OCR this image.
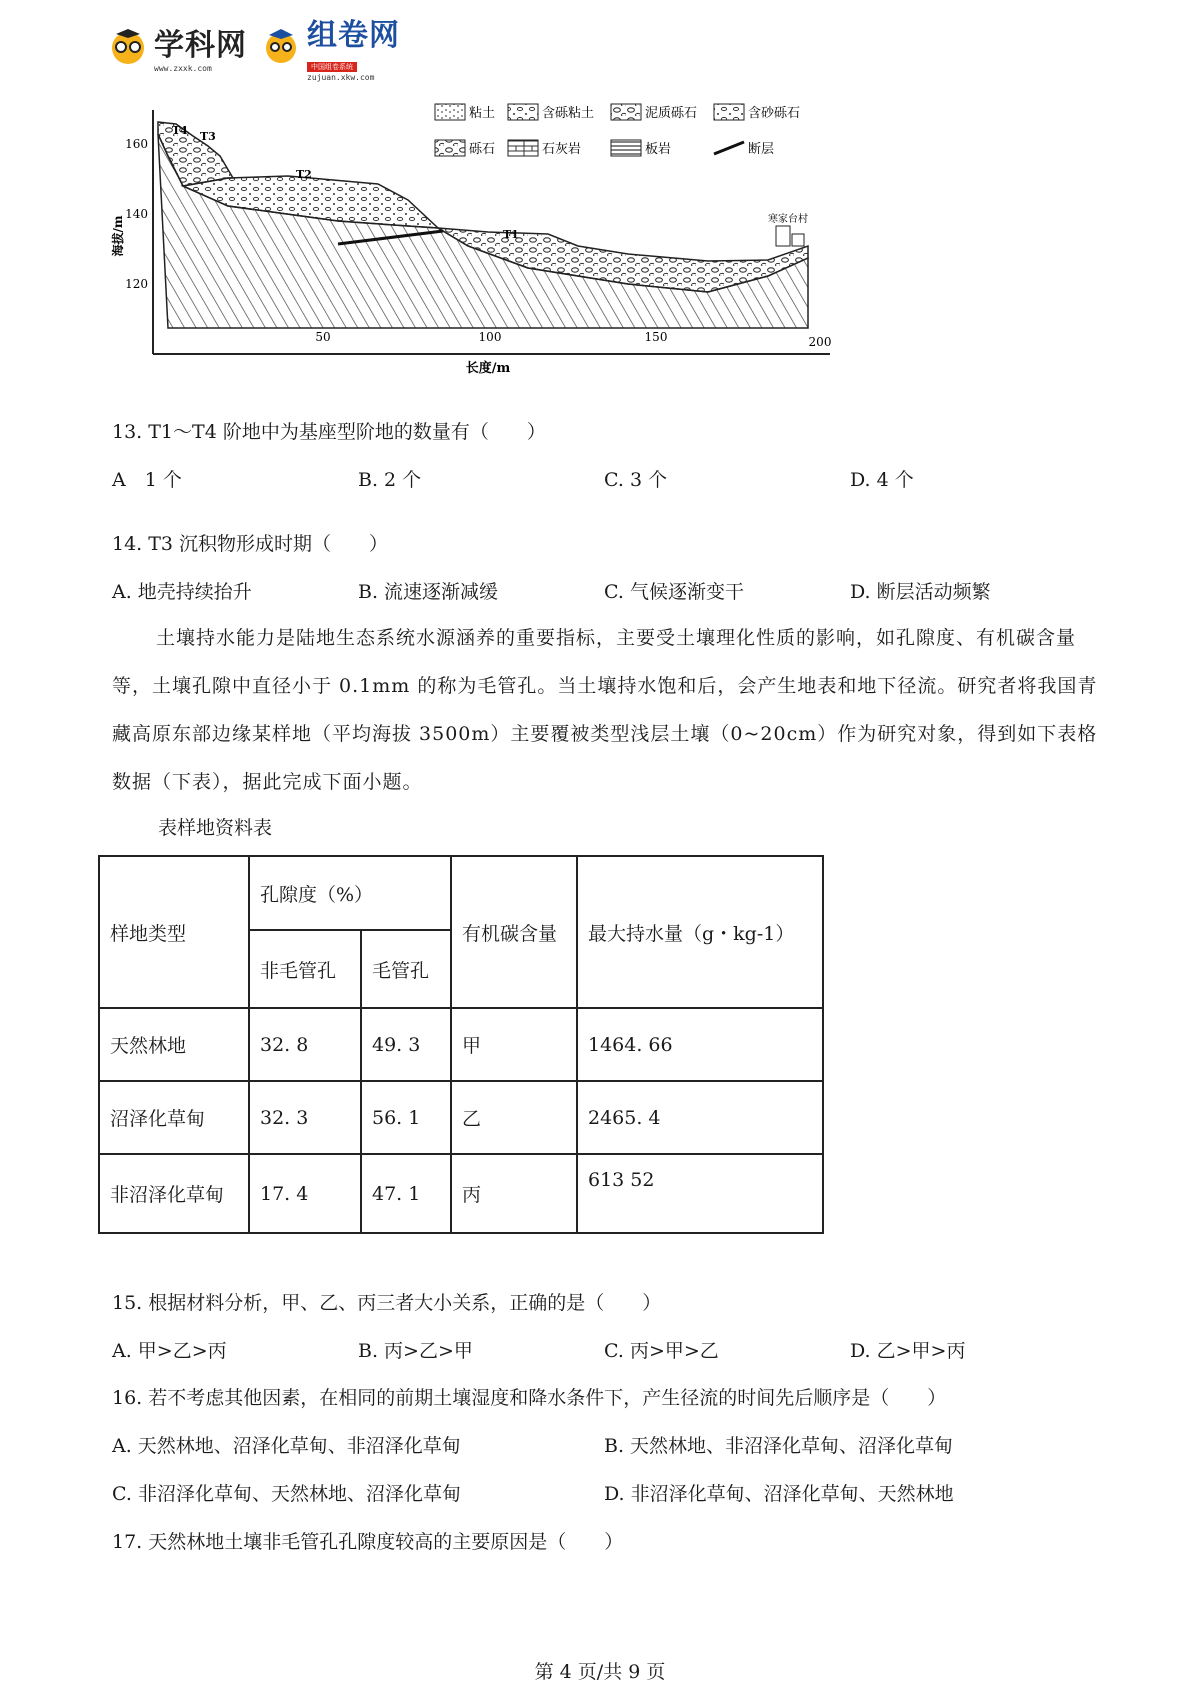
学科网
www.zxxk.com
组卷网
中国组卷系统
zujuan.xkw.com
海拔/m
160
140
120
50	100	150	200
长度/m
T4 T3
T2
T1
寒家台村
粘土	含砾粘土	泥质砾石	含砂砾石
砾石	石灰岩	板岩	断层
13. T1～T4 阶地中为基座型阶地的数量有（　　）
A　1 个	B. 2 个	C. 3 个	D. 4 个
14. T3 沉积物形成时期（　　）
A. 地壳持续抬升	B. 流速逐渐减缓	C. 气候逐渐变干	D. 断层活动频繁
土壤持水能力是陆地生态系统水源涵养的重要指标，主要受土壤理化性质的影响，如孔隙度、有机碳含量等，土壤孔隙中直径小于 0.1mm 的称为毛管孔。当土壤持水饱和后，会产生地表和地下径流。研究者将我国青藏高原东部边缘某样地（平均海拔 3500m）主要覆被类型浅层土壤（0~20cm）作为研究对象，得到如下表格数据（下表），据此完成下面小题。
表样地资料表
样地类型	孔隙度（%）		有机碳含量	最大持水量（g・kg-1）
	非毛管孔	毛管孔		
天然林地	32. 8	49. 3	甲	1464. 66
沼泽化草甸	32. 3	56. 1	乙	2465. 4
非沼泽化草甸	17. 4	47. 1	丙	613 52
15. 根据材料分析，甲、乙、丙三者大小关系，正确的是（　　）
A. 甲>乙>丙	B. 丙>乙>甲	C. 丙>甲>乙	D. 乙>甲>丙
16. 若不考虑其他因素，在相同的前期土壤湿度和降水条件下，产生径流的时间先后顺序是（　　）
A. 天然林地、沼泽化草甸、非沼泽化草甸	B. 天然林地、非沼泽化草甸、沼泽化草甸
C. 非沼泽化草甸、天然林地、沼泽化草甸	D. 非沼泽化草甸、沼泽化草甸、天然林地
17. 天然林地土壤非毛管孔孔隙度较高的主要原因是（　　）
第 4 页/共 9 页
